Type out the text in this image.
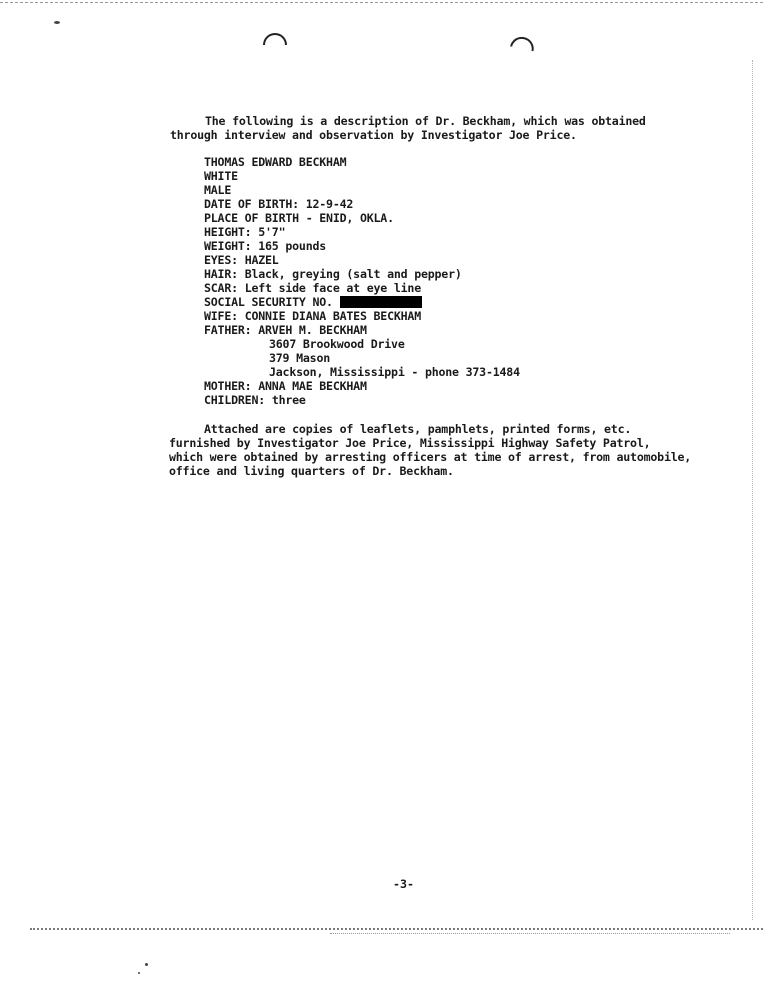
The following is a description of Dr. Beckham, which was obtained

through interview and observation by Investigator Joe Price.

THOMAS EDWARD BECKHAM

WHITE

MALE

DATE OF BIRTH: 12-9-42

PLACE OF BIRTH - ENID, OKLA.

HEIGHT: 5'7"

WEIGHT: 165 pounds

EYES: HAZEL

HAIR: Black, greying (salt and pepper)

SCAR: Left side face at eye line

SOCIAL SECURITY NO.

WIFE: CONNIE DIANA BATES BECKHAM

FATHER: ARVEH M. BECKHAM

3607 Brookwood Drive

379 Mason

Jackson, Mississippi - phone 373-1484

MOTHER: ANNA MAE BECKHAM

CHILDREN: three

Attached are copies of leaflets, pamphlets, printed forms, etc.

furnished by Investigator Joe Price, Mississippi Highway Safety Patrol,

which were obtained by arresting officers at time of arrest, from automobile,

office and living quarters of Dr. Beckham.

-3-
